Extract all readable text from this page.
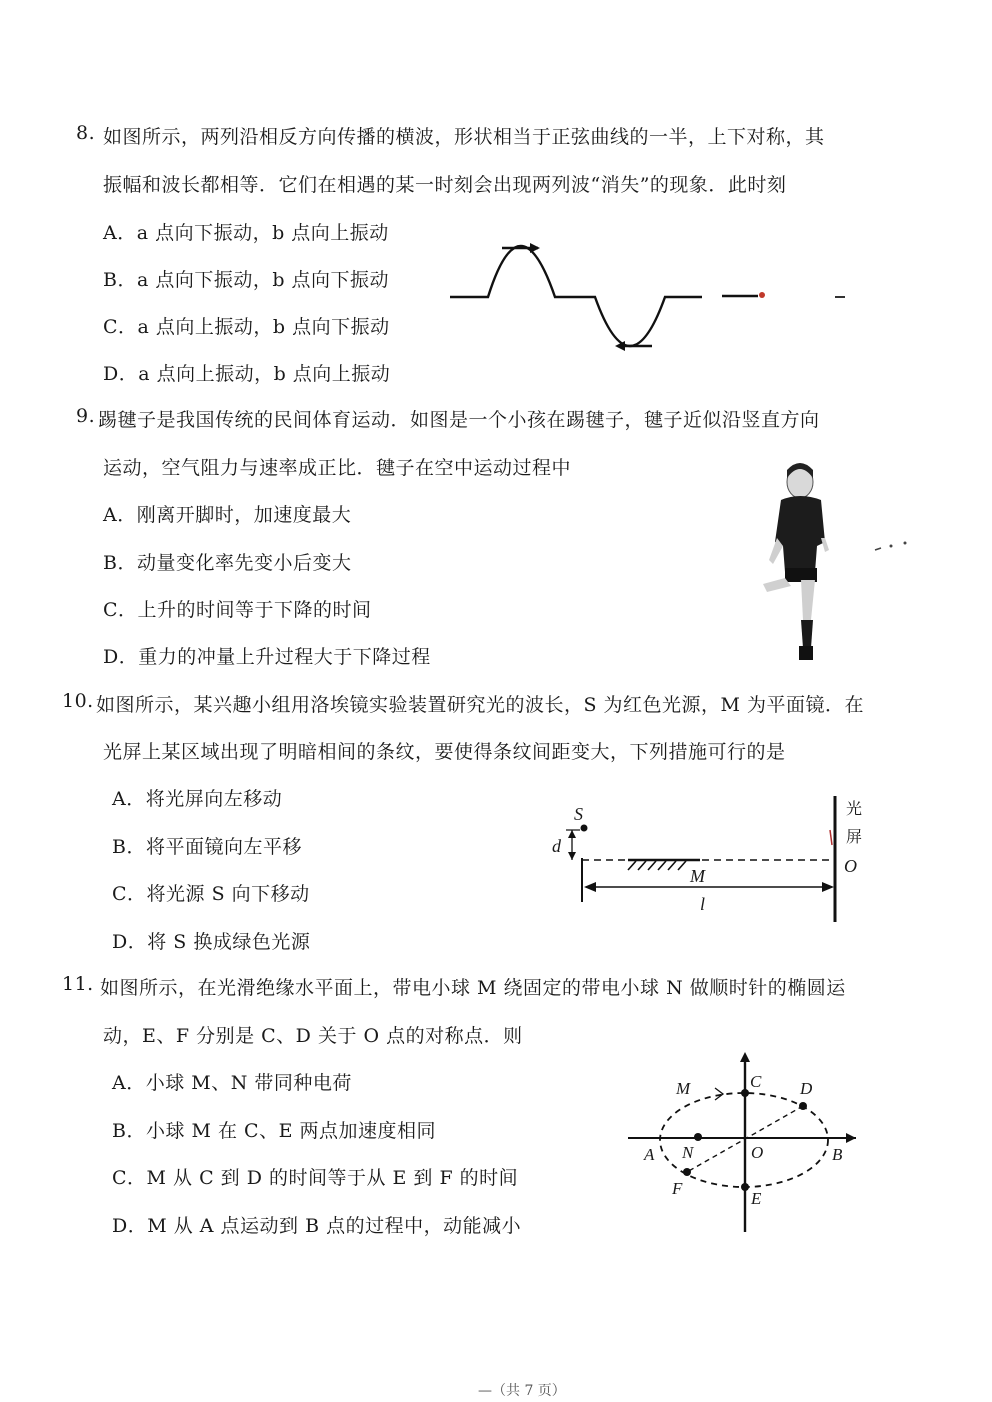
8. 如图所示，两列沿相反方向传播的横波，形状相当于正弦曲线的一半，上下对称，其
振幅和波长都相等．它们在相遇的某一时刻会出现两列波“消失”的现象．此时刻
A．a 点向下振动，b 点向上振动
B．a 点向下振动，b 点向下振动
C．a 点向上振动，b 点向下振动
D．a 点向上振动，b 点向上振动
9. 踢毽子是我国传统的民间体育运动．如图是一个小孩在踢毽子，毽子近似沿竖直方向
运动，空气阻力与速率成正比．毽子在空中运动过程中
A．刚离开脚时，加速度最大
B．动量变化率先变小后变大
C．上升的时间等于下降的时间
D．重力的冲量上升过程大于下降过程
10. 如图所示，某兴趣小组用洛埃镜实验装置研究光的波长，S 为红色光源，M 为平面镜．在
光屏上某区域出现了明暗相间的条纹，要使得条纹间距变大，下列措施可行的是
A．将光屏向左移动
B．将平面镜向左平移
C．将光源 S 向下移动
D．将 S 换成绿色光源
S
d
M
l
光
屏
O
11. 如图所示，在光滑绝缘水平面上，带电小球 M 绕固定的带电小球 N 做顺时针的椭圆运
动，E、F 分别是 C、D 关于 O 点的对称点．则
A．小球 M、N 带同种电荷
B．小球 M 在 C、E 两点加速度相同
C．M 从 C 到 D 的时间等于从 E 到 F 的时间
D．M 从 A 点运动到 B 点的过程中，动能减小
M	C D
A N	O	B
F
E
—（共 7 页）
